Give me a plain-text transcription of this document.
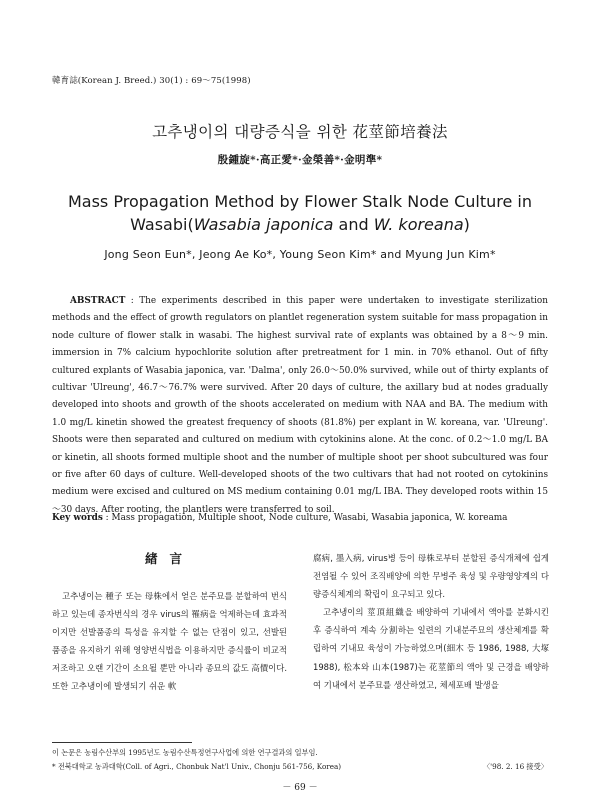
韓育誌(Korean J. Breed.) 30(1) : 69～75(1998)
고추냉이의 대량증식을 위한 花莖節培養法
殷鍾旋*·高正愛*·金榮善*·金明準*
Mass Propagation Method by Flower Stalk Node Culture in
Wasabi(Wasabia japonica and W. koreana)
Jong Seon Eun*, Jeong Ae Ko*, Young Seon Kim* and Myung Jun Kim*
ABSTRACT : The experiments described in this paper were undertaken to investigate sterilization methods and the effect of growth regulators on plantlet regeneration system suitable for mass propagation in node culture of flower stalk in wasabi. The highest survival rate of explants was obtained by a 8～9 min. immersion in 7% calcium hypochlorite solution after pretreatment for 1 min. in 70% ethanol. Out of fifty cultured explants of Wasabia japonica, var. 'Dalma', only 26.0～50.0% survived, while out of thirty explants of cultivar 'Ulreung', 46.7～76.7% were survived. After 20 days of culture, the axillary bud at nodes gradually developed into shoots and growth of the shoots accelerated on medium with NAA and BA. The medium with 1.0 mg/L kinetin showed the greatest frequency of shoots (81.8%) per explant in W. koreana, var. 'Ulreung'. Shoots were then separated and cultured on medium with cytokinins alone. At the conc. of 0.2～1.0 mg/L BA or kinetin, all shoots formed multiple shoot and the number of multiple shoot per shoot subcultured was four or five after 60 days of culture. Well-developed shoots of the two cultivars that had not rooted on cytokinins medium were excised and cultured on MS medium containing 0.01 mg/L IBA. They developed roots within 15～30 days. After rooting, the plantlers were transferred to soil.
Key words : Mass propagation, Multiple shoot, Node culture, Wasabi, Wasabia japonica, W. koreama
緖言

고추냉이는 種子 또는 母株에서 얻은 분주묘를 분할하여 번식하고 있는데 종자번식의 경우 virus의 罹病을 억제하는데 효과적이지만 선발품종의 특성을 유지할 수 없는 단점이 있고, 선발된 품종을 유지하기 위해 영양번식법을 이용하지만 증식률이 비교적 저조하고 오랜 기간이 소요될 뿐만 아니라 종묘의 값도 高價이다. 또한 고추냉이에 발생되기 쉬운 軟

腐病, 墨入病, virus병 등이 母株로부터 분할된 증식개체에 쉽게 전염될 수 있어 조직배양에 의한 무병주 육성 및 우량영양계의 다량증식체계의 확립이 요구되고 있다.

고추냉이의 莖頂組織을 배양하여 기내에서 액아를 분화시킨 후 증식하여 계속 分割하는 일련의 기내분주묘의 생산체계를 확립하여 기내묘 육성이 가능하였으며(細木 등 1986, 1988, 大塚 1988), 松本와 山本(1987)는 花莖節의 액아 및 근경을 배양하여 기내에서 분주묘를 생산하였고, 체세포배 발생을

이 논문은 농림수산부의 1995년도 농림수산특정연구사업에 의한 연구결과의 일부임.
* 전북대학교 농과대학(Coll. of Agri., Chonbuk Nat'l Univ., Chonju 561-756, Korea)	〈'98. 2. 16 接受〉
－ 69 －
